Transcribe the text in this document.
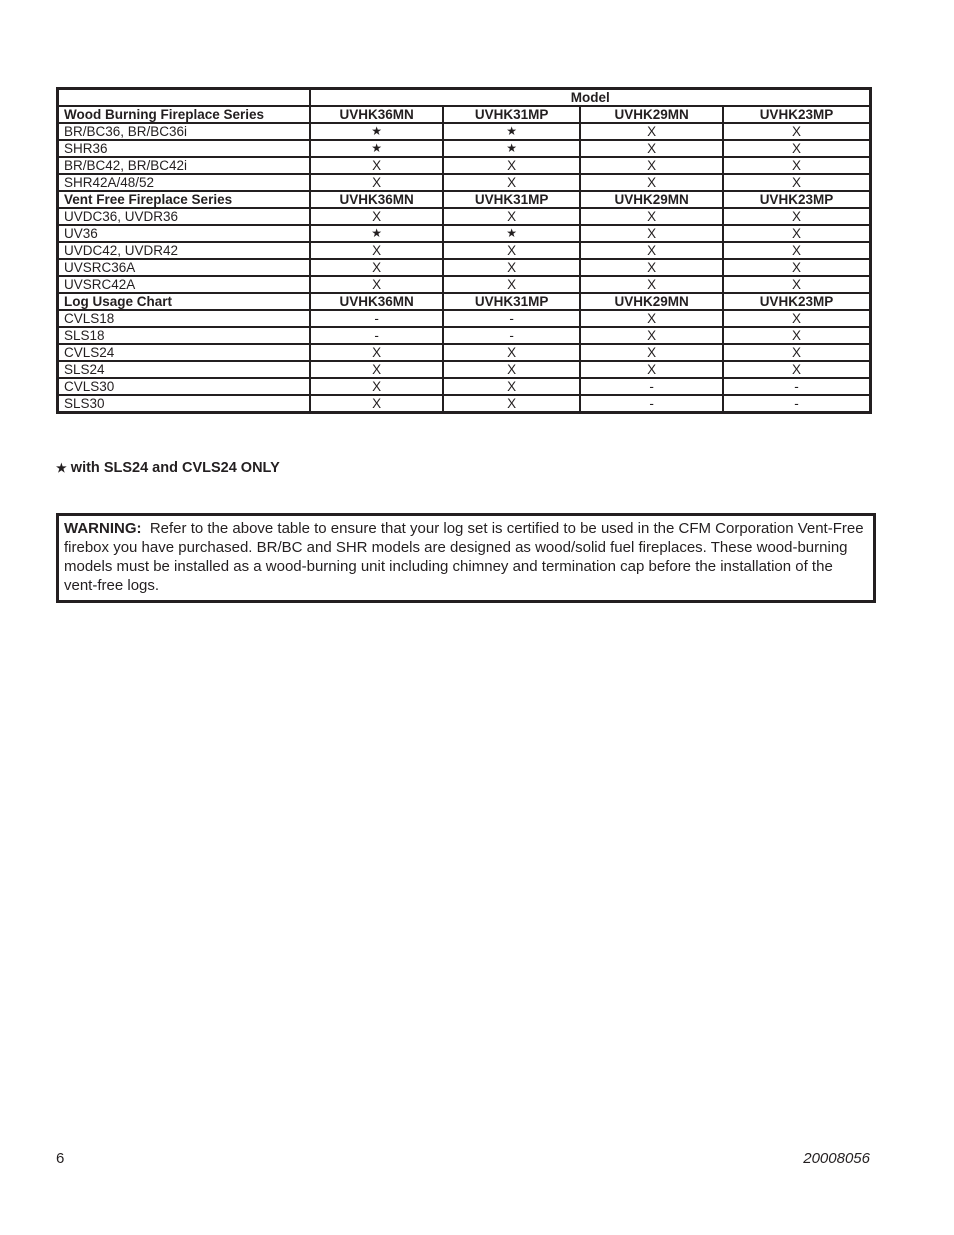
	Model			
Wood Burning Fireplace Series	UVHK36MN	UVHK31MP	UVHK29MN	UVHK23MP
BR/BC36, BR/BC36i	★	★	X	X
SHR36	★	★	X	X
BR/BC42, BR/BC42i	X	X	X	X
SHR42A/48/52	X	X	X	X
Vent Free Fireplace Series	UVHK36MN	UVHK31MP	UVHK29MN	UVHK23MP
UVDC36, UVDR36	X	X	X	X
UV36	★	★	X	X
UVDC42, UVDR42	X	X	X	X
UVSRC36A	X	X	X	X
UVSRC42A	X	X	X	X
Log Usage Chart	UVHK36MN	UVHK31MP	UVHK29MN	UVHK23MP
CVLS18	-	-	X	X
SLS18	-	-	X	X
CVLS24	X	X	X	X
SLS24	X	X	X	X
CVLS30	X	X	-	-
SLS30	X	X	-	-
★ with SLS24 and CVLS24 ONLY
WARNING: Refer to the above table to ensure that your log set is certified to be used in the CFM Corporation Vent-Free firebox you have purchased. BR/BC and SHR models are designed as wood/solid fuel fireplaces. These wood-burning models must be installed as a wood-burning unit including chimney and termination cap before the installation of the vent-free logs.
6	20008056
